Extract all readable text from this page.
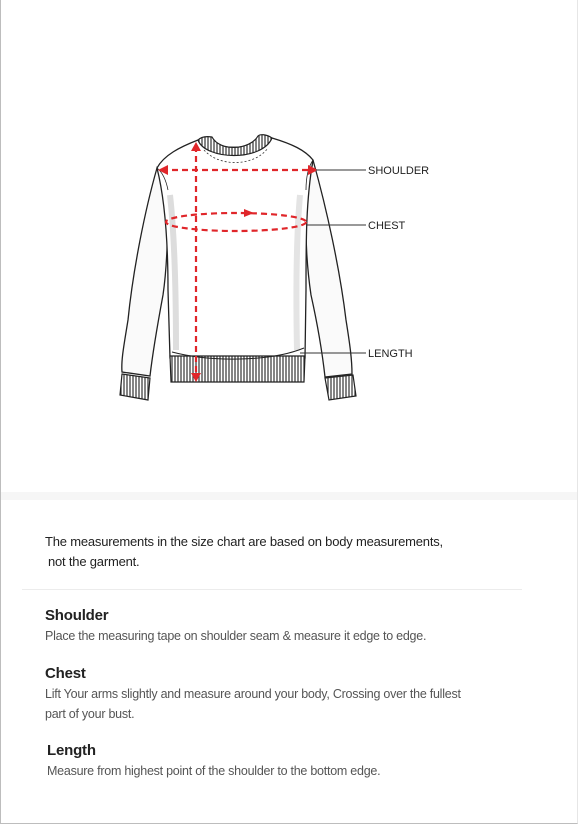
SHOULDER
CHEST
LENGTH
The measurements in the size chart are based on body measurements,
not the garment.
Shoulder

Place the measuring tape on shoulder seam & measure it edge to edge.

Chest

Lift Your arms slightly and measure around your body, Crossing over the fullest

part of your bust.

Length

Measure from highest point of the shoulder to the bottom edge.
